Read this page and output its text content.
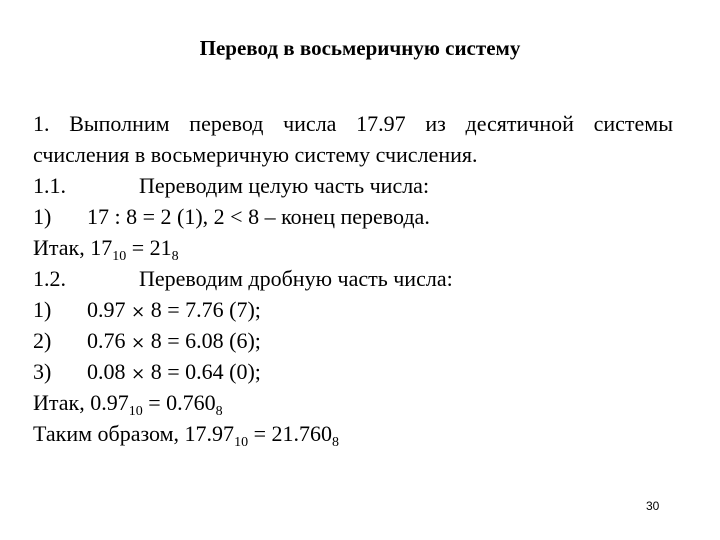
Перевод в восьмеричную систему
1. Выполним перевод числа 17.97 из десятичной системы
счисления в восьмеричную систему счисления.
1.1.	Переводим целую часть числа:
1) 17 : 8 = 2 (1), 2 < 8 – конец перевода.
Итак, $17_{10} = 21_8$
1.2.	Переводим дробную часть числа:
1) 0.97 × 8 = 7.76 (7);
2) 0.76 × 8 = 6.08 (6);
3) 0.08 × 8 = 0.64 (0);
Итак, $0.97_{10} = 0.760_8$
Таким образом, $17.97_{10} = 21.760_8$
30
